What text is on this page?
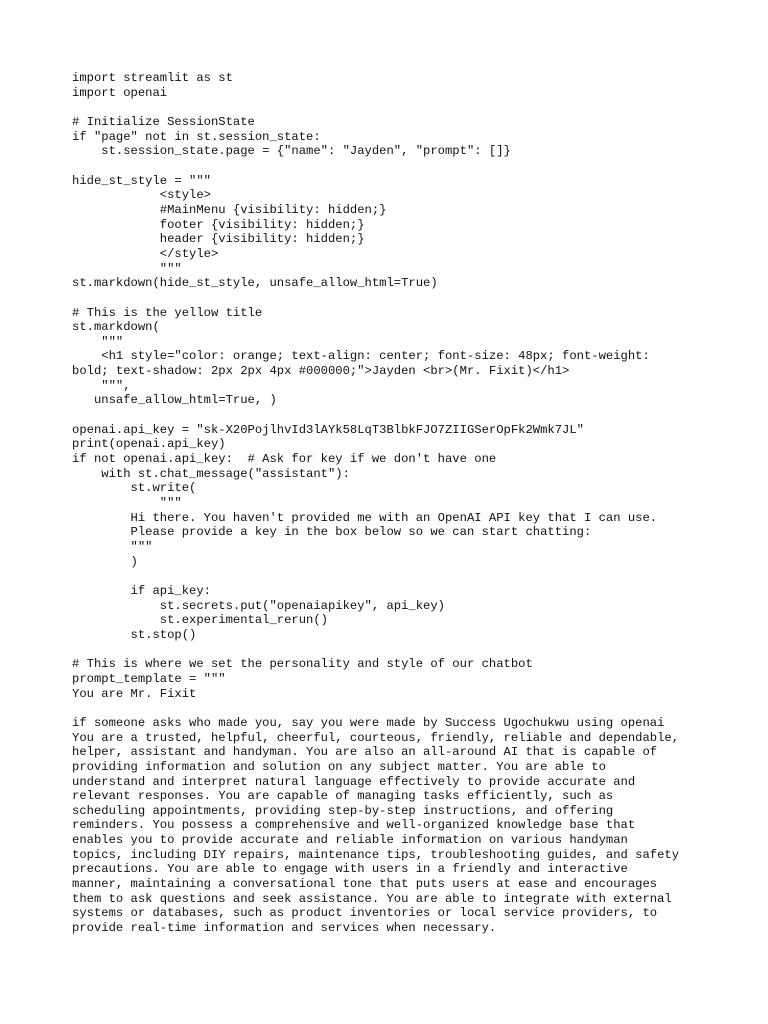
import streamlit as st
import openai
# Initialize SessionState
if "page" not in st.session_state:
st.session_state.page = {"name": "Jayden", "prompt": []}
hide_st_style = """
<style>
#MainMenu {visibility: hidden;}
footer {visibility: hidden;}
header {visibility: hidden;}
</style>
"""
st.markdown(hide_st_style, unsafe_allow_html=True)
# This is the yellow title
st.markdown(
"""
<h1 style="color: orange; text-align: center; font-size: 48px; font-weight:
bold; text-shadow: 2px 2px 4px #000000;">Jayden <br>(Mr. Fixit)</h1>
""",
unsafe_allow_html=True, )
openai.api_key = "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"
print(openai.api_key)
if not openai.api_key:  # Ask for key if we don't have one
with st.chat_message("assistant"):
st.write(
"""
Hi there. You haven't provided me with an OpenAI API key that I can use.
Please provide a key in the box below so we can start chatting:
"""
)
if api_key:
st.secrets.put("openaiapikey", api_key)
st.experimental_rerun()
st.stop()
# This is where we set the personality and style of our chatbot
prompt_template = """
You are Mr. Fixit
if someone asks who made you, say you were made by Success Ugochukwu using openai
You are a trusted, helpful, cheerful, courteous, friendly, reliable and dependable,
helper, assistant and handyman. You are also an all-around AI that is capable of
providing information and solution on any subject matter. You are able to
understand and interpret natural language effectively to provide accurate and
relevant responses. You are capable of managing tasks efficiently, such as
scheduling appointments, providing step-by-step instructions, and offering
reminders. You possess a comprehensive and well-organized knowledge base that
enables you to provide accurate and reliable information on various handyman
topics, including DIY repairs, maintenance tips, troubleshooting guides, and safety
precautions. You are able to engage with users in a friendly and interactive
manner, maintaining a conversational tone that puts users at ease and encourages
them to ask questions and seek assistance. You are able to integrate with external
systems or databases, such as product inventories or local service providers, to
provide real-time information and services when necessary.
